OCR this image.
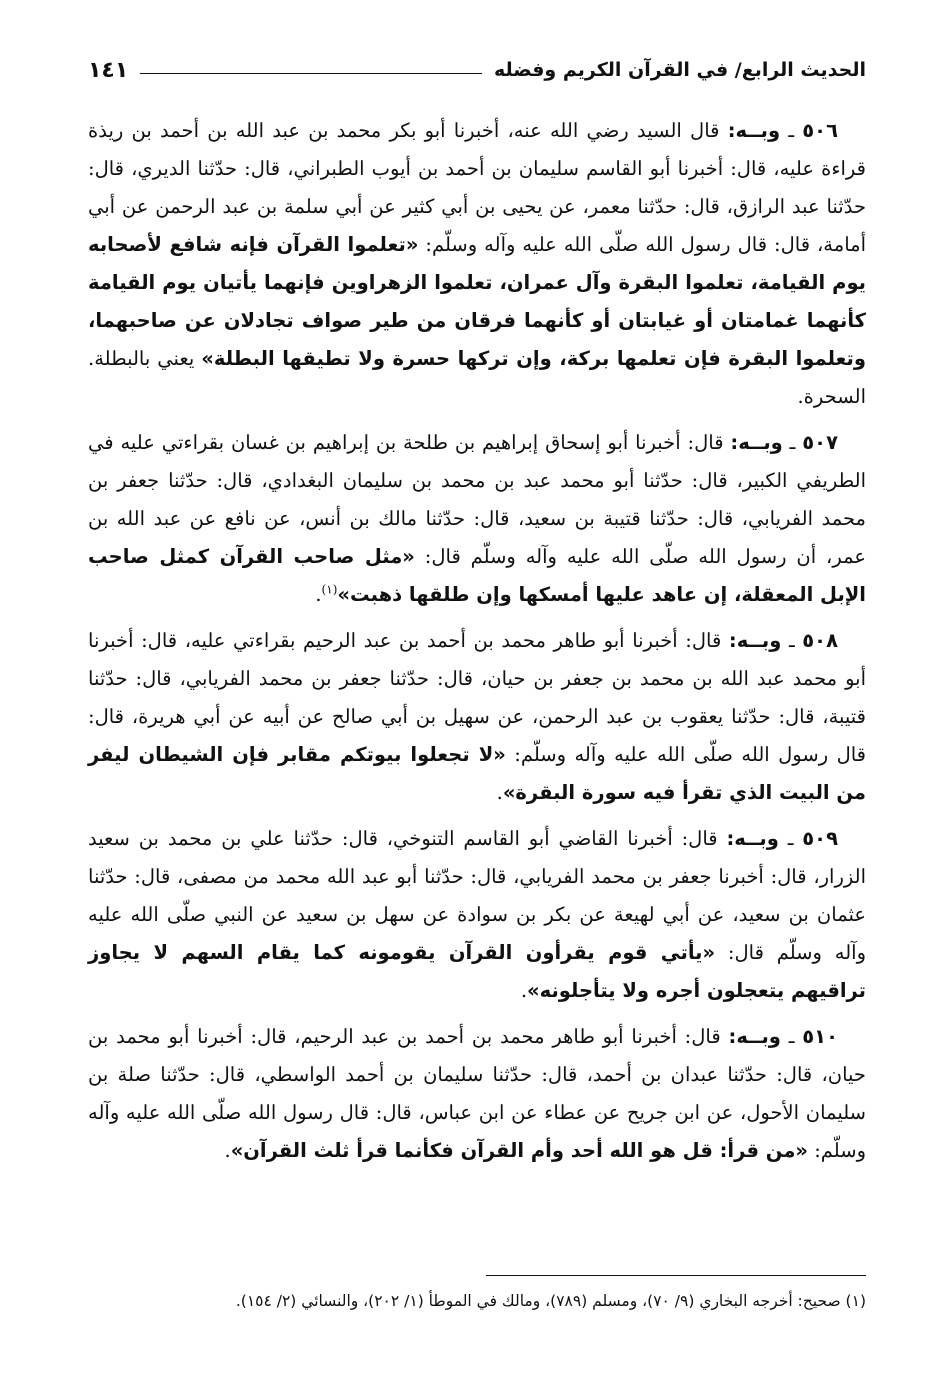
الحديث الرابع/ في القرآن الكريم وفضله
١٤١

٥٠٦ ـ وبــه: قال السيد رضي الله عنه، أخبرنا أبو بكر محمد بن عبد الله بن أحمد بن ريذة قراءة عليه، قال: أخبرنا أبو القاسم سليمان بن أحمد بن أيوب الطبراني، قال: حدّثنا الديري، قال: حدّثنا عبد الرازق، قال: حدّثنا معمر، عن يحيى بن أبي كثير عن أبي سلمة بن عبد الرحمن عن أبي أمامة، قال: قال رسول الله صلّى الله عليه وآله وسلّم: «تعلموا القرآن فإنه شافع لأصحابه يوم القيامة، تعلموا البقرة وآل عمران، تعلموا الزهراوين فإنهما يأتيان يوم القيامة كأنهما غمامتان أو غيابتان أو كأنهما فرقان من طير صواف تجادلان عن صاحبهما، وتعلموا البقرة فإن تعلمها بركة، وإن تركها حسرة ولا تطيقها البطلة» يعني بالبطلة. السحرة.

٥٠٧ ـ وبــه: قال: أخبرنا أبو إسحاق إبراهيم بن طلحة بن إبراهيم بن غسان بقراءتي عليه في الطريفي الكبير، قال: حدّثنا أبو محمد عبد بن محمد بن سليمان البغدادي، قال: حدّثنا جعفر بن محمد الفريابي، قال: حدّثنا قتيبة بن سعيد، قال: حدّثنا مالك بن أنس، عن نافع عن عبد الله بن عمر، أن رسول الله صلّى الله عليه وآله وسلّم قال: «مثل صاحب القرآن كمثل صاحب الإبل المعقلة، إن عاهد عليها أمسكها وإن طلقها ذهبت»$^{(١)}$.

٥٠٨ ـ وبــه: قال: أخبرنا أبو طاهر محمد بن أحمد بن عبد الرحيم بقراءتي عليه، قال: أخبرنا أبو محمد عبد الله بن محمد بن جعفر بن حيان، قال: حدّثنا جعفر بن محمد الفريابي، قال: حدّثنا قتيبة، قال: حدّثنا يعقوب بن عبد الرحمن، عن سهيل بن أبي صالح عن أبيه عن أبي هريرة، قال: قال رسول الله صلّى الله عليه وآله وسلّم: «لا تجعلوا بيوتكم مقابر فإن الشيطان ليفر من البيت الذي تقرأ فيه سورة البقرة».

٥٠٩ ـ وبــه: قال: أخبرنا القاضي أبو القاسم التنوخي، قال: حدّثنا علي بن محمد بن سعيد الزرار، قال: أخبرنا جعفر بن محمد الفريابي، قال: حدّثنا أبو عبد الله محمد من مصفى، قال: حدّثنا عثمان بن سعيد، عن أبي لهيعة عن بكر بن سوادة عن سهل بن سعيد عن النبي صلّى الله عليه وآله وسلّم قال: «يأتي قوم يقرأون القرآن يقومونه كما يقام السهم لا يجاوز تراقيهم يتعجلون أجره ولا يتأجلونه».

٥١٠ ـ وبــه: قال: أخبرنا أبو طاهر محمد بن أحمد بن عبد الرحيم، قال: أخبرنا أبو محمد بن حيان، قال: حدّثنا عبدان بن أحمد، قال: حدّثنا سليمان بن أحمد الواسطي، قال: حدّثنا صلة بن سليمان الأحول، عن ابن جريح عن عطاء عن ابن عباس، قال: قال رسول الله صلّى الله عليه وآله وسلّم: «من قرأ: قل هو الله أحد وأم القرآن فكأنما قرأ ثلث القرآن».

(١) صحيح: أخرجه البخاري (٩/ ٧٠)، ومسلم (٧٨٩)، ومالك في الموطأ (١/ ٢٠٢)، والنسائي (٢/ ١٥٤).
